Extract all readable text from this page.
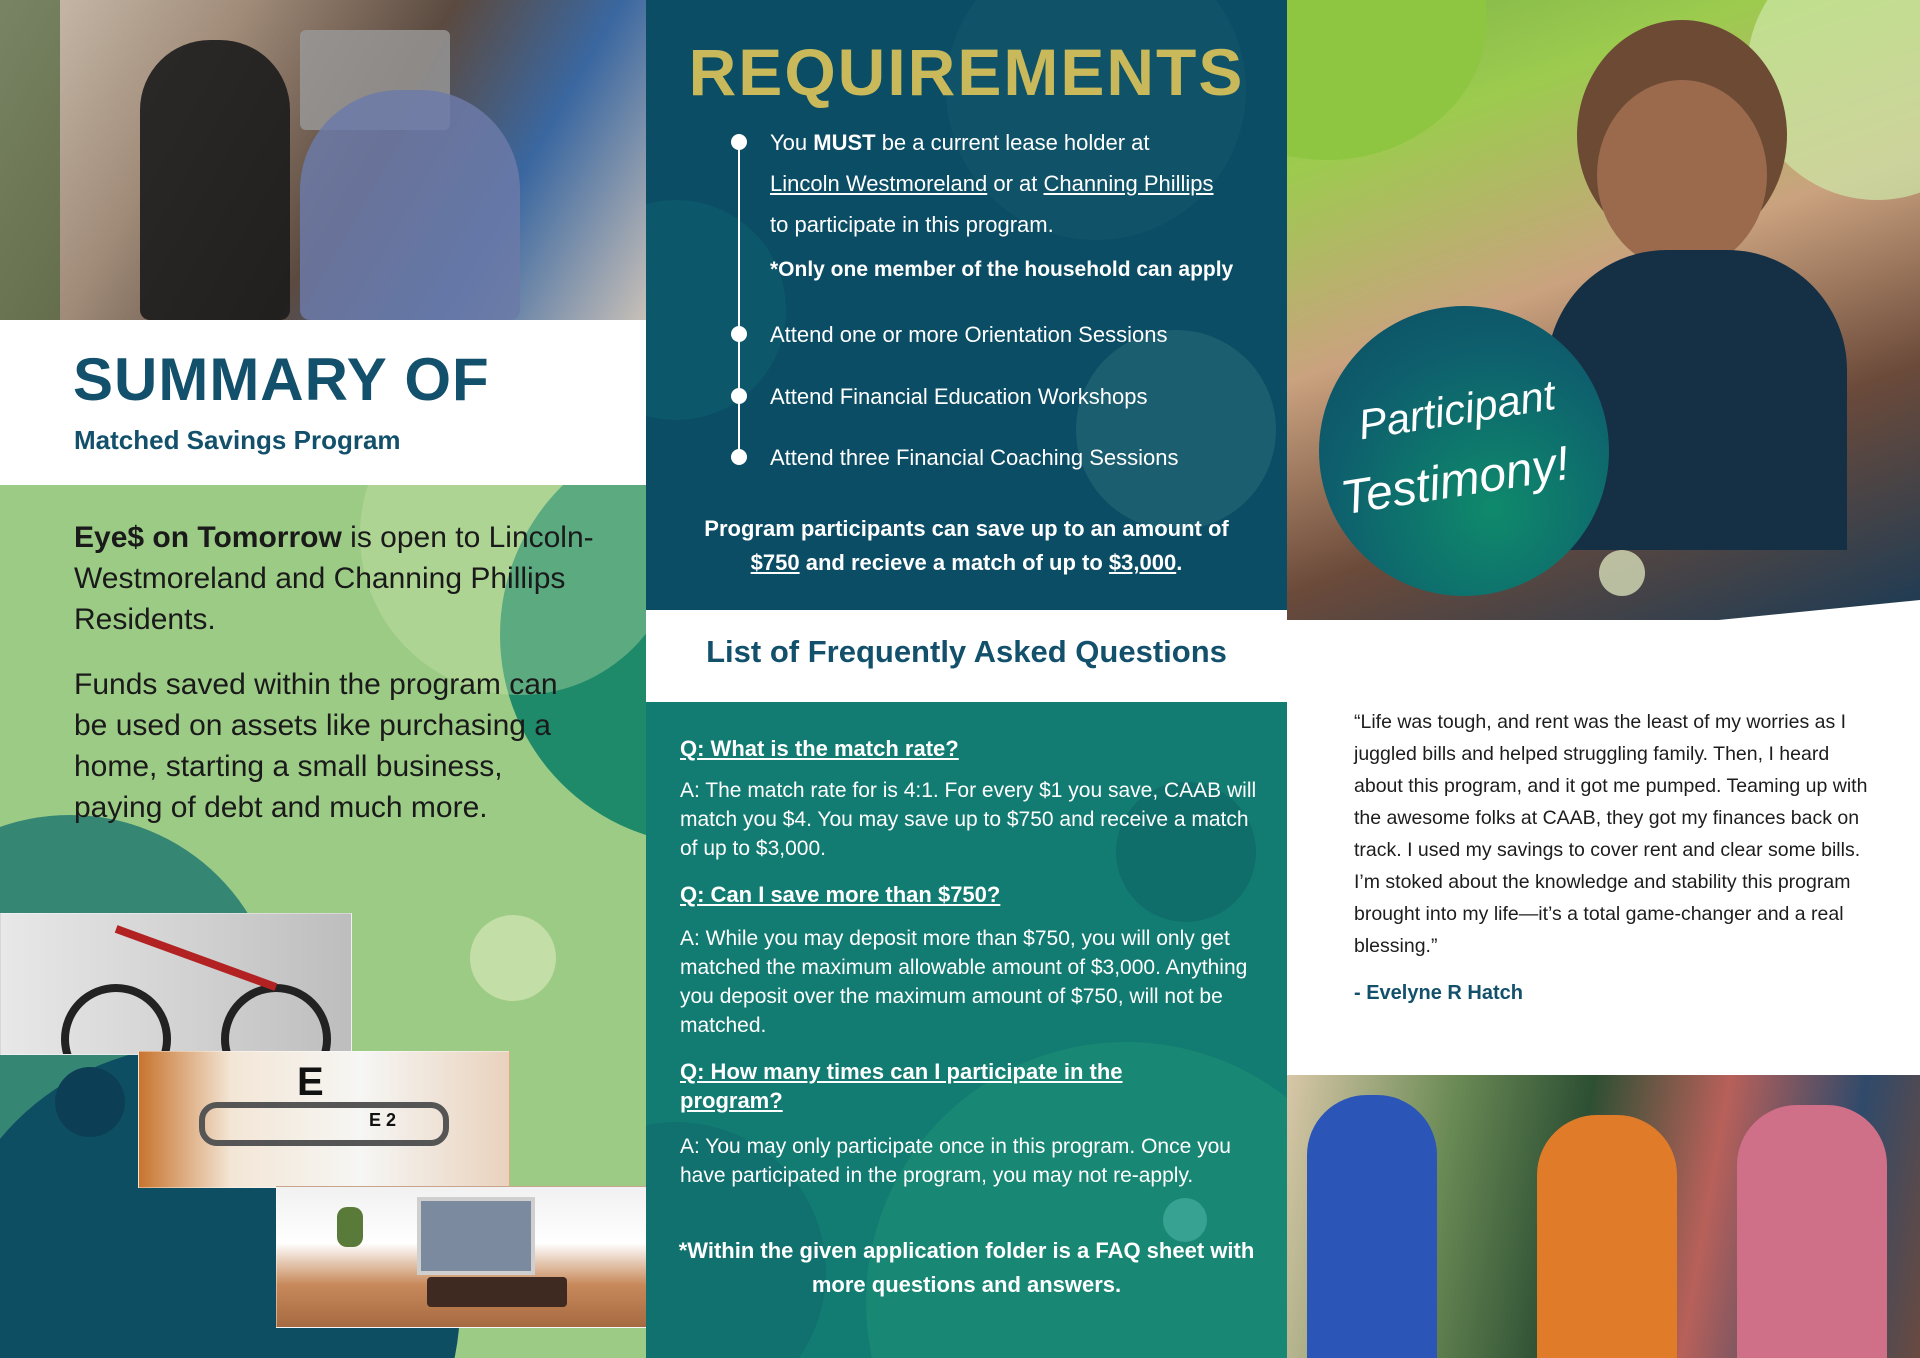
SUMMARY OF
Matched Savings Program
Eye$ on Tomorrow is open to Lincoln-Westmoreland and Channing Phillips Residents.
Funds saved within the program can be used on assets like purchasing a home, starting a small business, paying of debt and much more.
E
E 2
REQUIREMENTS
You MUST be a current lease holder at
Lincoln Westmoreland or at Channing Phillips
to participate in this program.
*Only one member of the household can apply
Attend one or more Orientation Sessions
Attend Financial Education Workshops
Attend three Financial Coaching Sessions
Program participants can save up to an amount of
$750 and recieve a match of up to $3,000.
List of Frequently Asked Questions
Q: What is the match rate?
A: The match rate for is 4:1. For every $1 you save, CAAB will match you $4. You may save up to $750 and receive a match of up to $3,000.
Q: Can I save more than $750?
A: While you may deposit more than $750, you will only get matched the maximum allowable amount of $3,000. Anything you deposit over the maximum amount of $750, will not be matched.
Q: How many times can I participate in the program?
A: You may only participate once in this program. Once you have participated in the program, you may not re-apply.
*Within the given application folder is a FAQ sheet with more questions and answers.
Participant
Testimony!
“Life was tough, and rent was the least of my worries as I juggled bills and helped struggling family. Then, I heard about this program, and it got me pumped. Teaming up with the awesome folks at CAAB, they got my finances back on track. I used my savings to cover rent and clear some bills. I’m stoked about the knowledge and stability this program brought into my life—it’s a total game-changer and a real blessing.”
- Evelyne R Hatch
